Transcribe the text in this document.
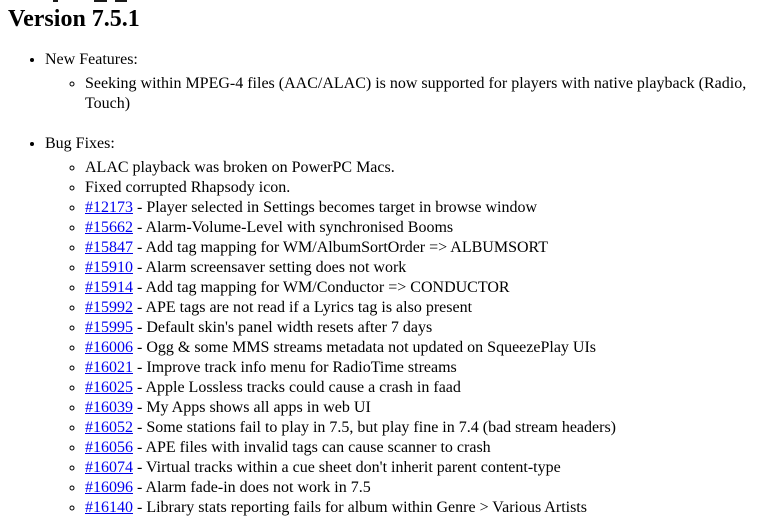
Version 7.5.1
• New Features:
◦ Seeking within MPEG-4 files (AAC/ALAC) is now supported for players with native playback (Radio, Touch)
• Bug Fixes:
◦ ALAC playback was broken on PowerPC Macs.
◦ Fixed corrupted Rhapsody icon.
◦ #12173 - Player selected in Settings becomes target in browse window
◦ #15662 - Alarm-Volume-Level with synchronised Booms
◦ #15847 - Add tag mapping for WM/AlbumSortOrder => ALBUMSORT
◦ #15910 - Alarm screensaver setting does not work
◦ #15914 - Add tag mapping for WM/Conductor => CONDUCTOR
◦ #15992 - APE tags are not read if a Lyrics tag is also present
◦ #15995 - Default skin's panel width resets after 7 days
◦ #16006 - Ogg & some MMS streams metadata not updated on SqueezePlay UIs
◦ #16021 - Improve track info menu for RadioTime streams
◦ #16025 - Apple Lossless tracks could cause a crash in faad
◦ #16039 - My Apps shows all apps in web UI
◦ #16052 - Some stations fail to play in 7.5, but play fine in 7.4 (bad stream headers)
◦ #16056 - APE files with invalid tags can cause scanner to crash
◦ #16074 - Virtual tracks within a cue sheet don't inherit parent content-type
◦ #16096 - Alarm fade-in does not work in 7.5
◦ #16140 - Library stats reporting fails for album within Genre > Various Artists
